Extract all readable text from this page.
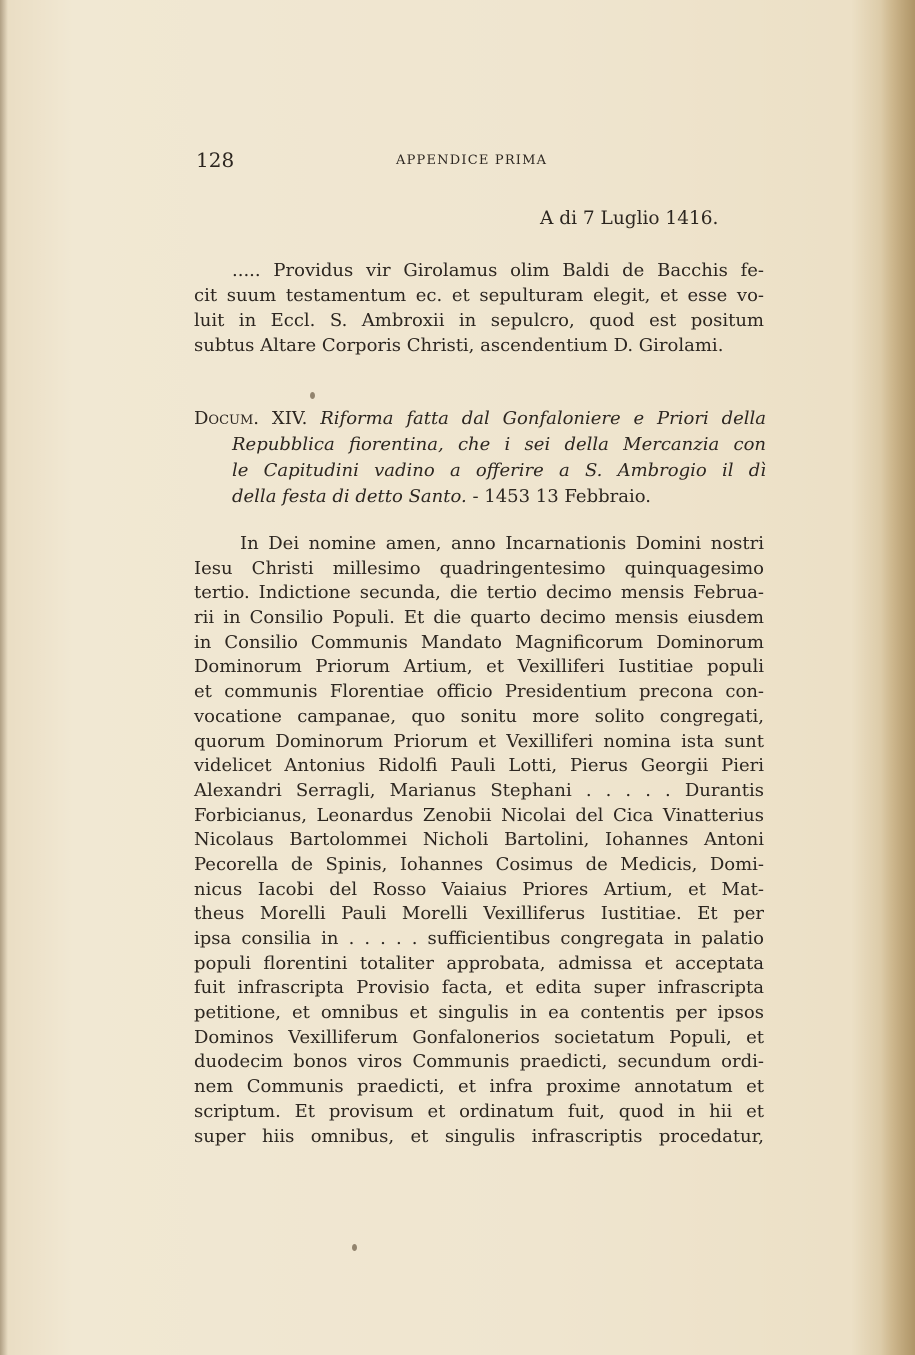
128	APPENDICE PRIMA
A di 7 Luglio 1416.
..... Providus vir Girolamus olim Baldi de Bacchis fe-
cit suum testamentum ec. et sepulturam elegit, et esse vo-
luit in Eccl. S. Ambroxii in sepulcro, quod est positum
subtus Altare Corporis Christi, ascendentium D. Girolami.
Docum. XIV. Riforma fatta dal Gonfaloniere e Priori della
Repubblica fiorentina, che i sei della Mercanzia con
le Capitudini vadino a offerire a S. Ambrogio il dì
della festa di detto Santo. - 1453 13 Febbraio.
In Dei nomine amen, anno Incarnationis Domini nostri
Iesu Christi millesimo quadringentesimo quinquagesimo
tertio. Indictione secunda, die tertio decimo mensis Februa-
rii in Consilio Populi. Et die quarto decimo mensis eiusdem
in Consilio Communis Mandato Magnificorum Dominorum
Dominorum Priorum Artium, et Vexilliferi Iustitiae populi
et communis Florentiae officio Presidentium precona con-
vocatione campanae, quo sonitu more solito congregati,
quorum Dominorum Priorum et Vexilliferi nomina ista sunt
videlicet Antonius Ridolfi Pauli Lotti, Pierus Georgii Pieri
Alexandri Serragli, Marianus Stephani . . . . . Durantis
Forbicianus, Leonardus Zenobii Nicolai del Cica Vinatterius
Nicolaus Bartolommei Nicholi Bartolini, Iohannes Antoni
Pecorella de Spinis, Iohannes Cosimus de Medicis, Domi-
nicus Iacobi del Rosso Vaiaius Priores Artium, et Mat-
theus Morelli Pauli Morelli Vexilliferus Iustitiae. Et per
ipsa consilia in . . . . . sufficientibus congregata in palatio
populi florentini totaliter approbata, admissa et acceptata
fuit infrascripta Provisio facta, et edita super infrascripta
petitione, et omnibus et singulis in ea contentis per ipsos
Dominos Vexilliferum Gonfalonerios societatum Populi, et
duodecim bonos viros Communis praedicti, secundum ordi-
nem Communis praedicti, et infra proxime annotatum et
scriptum. Et provisum et ordinatum fuit, quod in hii et
super hiis omnibus, et singulis infrascriptis procedatur,
